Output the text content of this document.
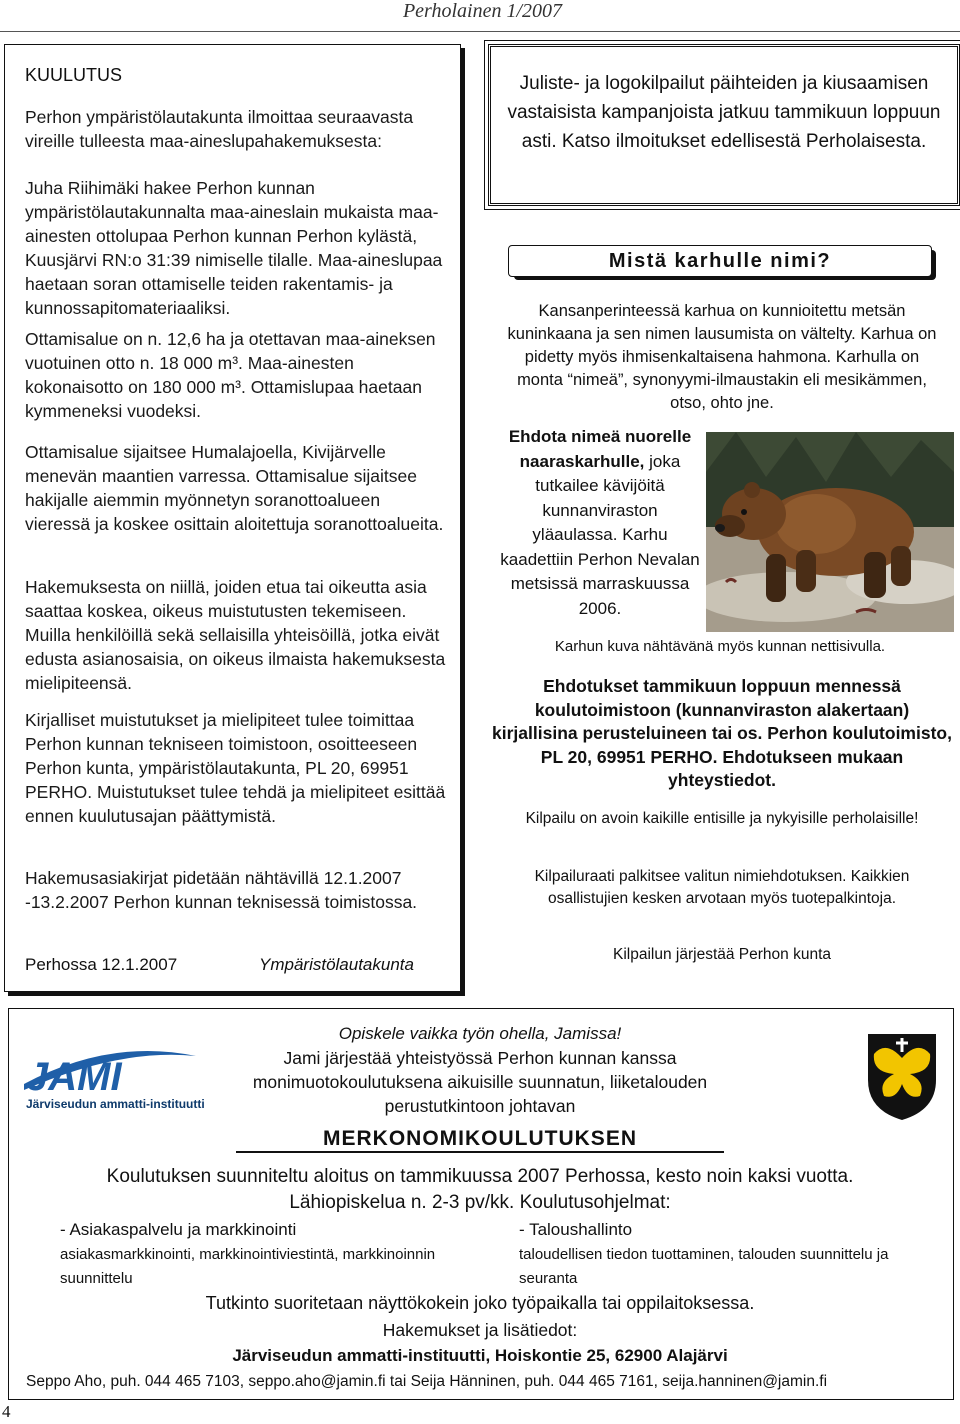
Perholainen 1/2007
KUULUTUS

Perhon ympäristölautakunta ilmoittaa seuraavasta vireille tulleesta maa-aineslupahakemuksesta:

Juha Riihimäki hakee Perhon kunnan ympäristölautakunnalta maa-aineslain mukaista maa-ainesten ottolupaa Perhon kunnan Perhon kylästä, Kuusjärvi RN:o 31:39 nimiselle tilalle. Maa-aineslupaa haetaan soran ottamiselle teiden rakentamis- ja kunnossapitomateriaaliksi.

Ottamisalue on n. 12,6 ha ja otettavan maa-aineksen vuotuinen otto n. 18 000 m³. Maa-ainesten kokonaisotto on 180 000 m³. Ottamislupaa haetaan kymmeneksi vuodeksi.

Ottamisalue sijaitsee Humalajoella, Kivijärvelle menevän maantien varressa. Ottamisalue sijaitsee hakijalle aiemmin myönnetyn soranottoalueen vieressä ja koskee osittain aloitettuja soranottoalueita.

Hakemuksesta on niillä, joiden etua tai oikeutta asia saattaa koskea, oikeus muistutusten tekemiseen. Muilla henkilöillä sekä sellaisilla yhteisöillä, jotka eivät edusta asianosaisia, on oikeus ilmaista hakemuksesta mielipiteensä.

Kirjalliset muistutukset ja mielipiteet tulee toimittaa Perhon kunnan tekniseen toimistoon, osoitteeseen Perhon kunta, ympäristölautakunta, PL 20, 69951 PERHO. Muistutukset tulee tehdä ja mielipiteet esittää ennen kuulutusajan päättymistä.

Hakemusasiakirjat pidetään nähtävillä 12.1.2007 -13.2.2007 Perhon kunnan teknisessä toimistossa.

Perhossa 12.1.2007	Ympäristölautakunta
Juliste- ja logokilpailut päihteiden ja kiusaamisen vastaisista kampanjoista jatkuu tammikuun loppuun asti. Katso ilmoitukset edellisestä Perholaisesta.
Mistä karhulle nimi?
Kansanperinteessä karhua on kunnioitettu metsän kuninkaana ja sen nimen lausumista on vältelty. Karhua on pidetty myös ihmisenkaltaisena hahmona. Karhulla on monta “nimeä”, synonyymi-ilmaustakin eli mesikämmen, otso, ohto jne.
Ehdota nimeä nuorelle naaraskarhulle, joka tutkailee kävijöitä kunnanviraston yläaulassa. Karhu kaadettiin Perhon Nevalan metsissä marraskuussa 2006.
Karhun kuva nähtävänä myös kunnan nettisivulla.
Ehdotukset tammikuun loppuun mennessä koulutoimistoon (kunnanviraston alakertaan) kirjallisina perusteluineen tai os. Perhon koulutoimisto, PL 20, 69951 PERHO. Ehdotukseen mukaan yhteystiedot.
Kilpailu on avoin kaikille entisille ja nykyisille perholaisille!
Kilpailuraati palkitsee valitun nimiehdotuksen. Kaikkien osallistujien kesken arvotaan myös tuotepalkintoja.
Kilpailun järjestää Perhon kunta
JAMI
Järviseudun ammatti-instituutti
Opiskele vaikka työn ohella, Jamissa!
Jami järjestää yhteistyössä Perhon kunnan kanssa monimuotokoulutuksena aikuisille suunnatun, liiketalouden perustutkintoon johtavan
MERKONOMIKOULUTUKSEN
Koulutuksen suunniteltu aloitus on tammikuussa 2007 Perhossa, kesto noin kaksi vuotta.
Lähiopiskelua n. 2-3 pv/kk. Koulutusohjelmat:
- Asiakaspalvelu ja markkinointi
asiakasmarkkinointi, markkinointiviestintä, markkinoinnin suunnittelu
- Taloushallinto
taloudellisen tiedon tuottaminen, talouden suunnittelu ja seuranta
Tutkinto suoritetaan näyttökokein joko työpaikalla tai oppilaitoksessa.
Hakemukset ja lisätiedot:
Järviseudun ammatti-instituutti, Hoiskontie 25, 62900 Alajärvi
Seppo Aho, puh. 044 465 7103, seppo.aho@jamin.fi tai Seija Hänninen, puh. 044 465 7161, seija.hanninen@jamin.fi
4
